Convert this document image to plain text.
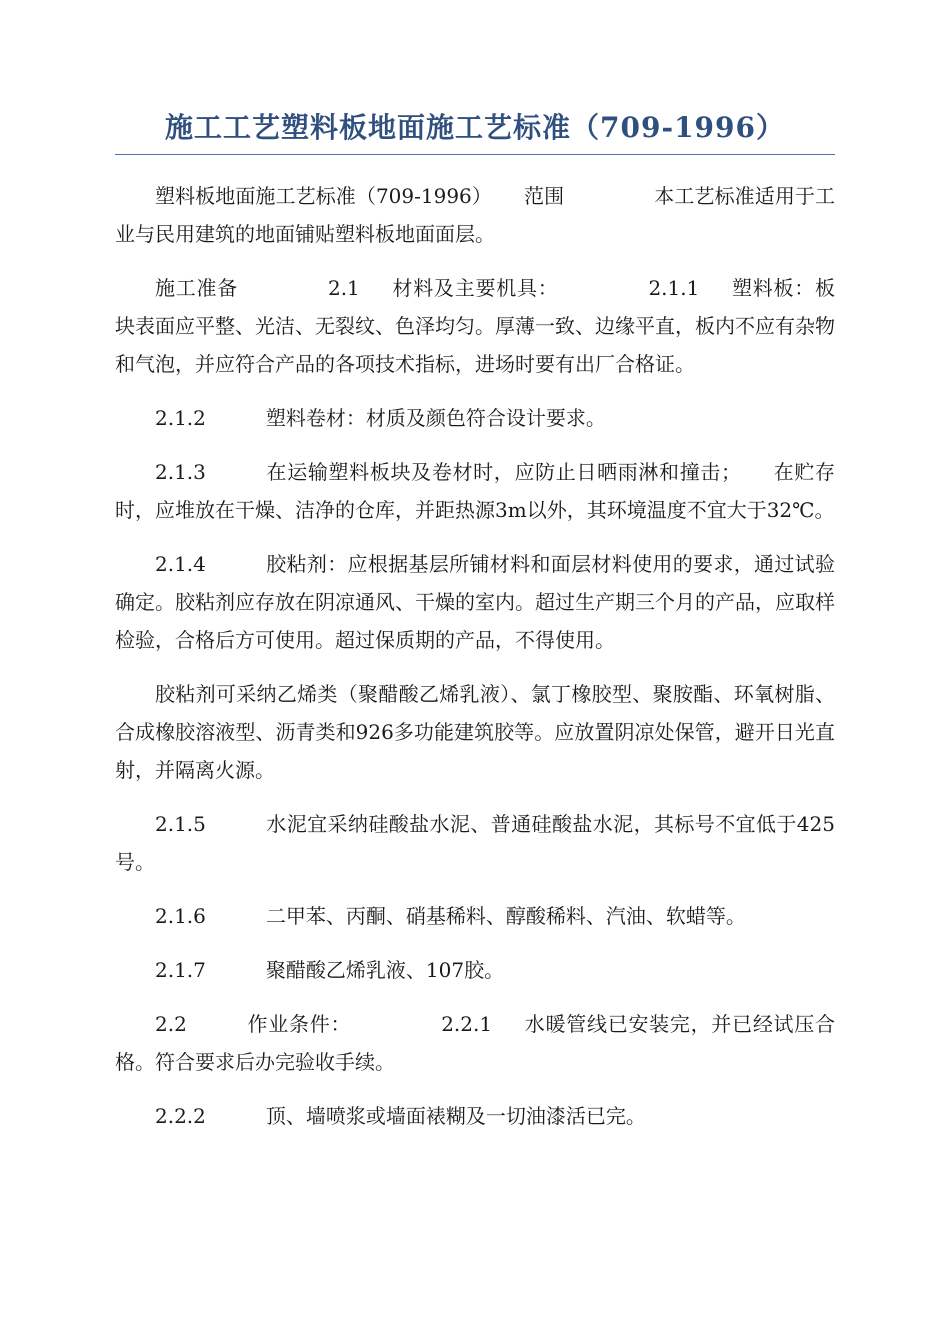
施工工艺塑料板地面施工艺标准（709-1996）

塑料板地面施工艺标准（709-1996） 范围	本工艺标准适用于工业与民用建筑的地面铺贴塑料板地面面层。

施工准备	2.1 材料及主要机具：	2.1.1 塑料板：板块表面应平整、光洁、无裂纹、色泽均匀。厚薄一致、边缘平直，板内不应有杂物和气泡，并应符合产品的各项技术指标，进场时要有出厂合格证。

2.1.2	塑料卷材：材质及颜色符合设计要求。

2.1.3	在运输塑料板块及卷材时，应防止日晒雨淋和撞击； 在贮存时，应堆放在干燥、洁净的仓库，并距热源3m以外，其环境温度不宜大于32℃。

2.1.4	胶粘剂：应根据基层所铺材料和面层材料使用的要求，通过试验确定。胶粘剂应存放在阴凉通风、干燥的室内。超过生产期三个月的产品，应取样检验，合格后方可使用。超过保质期的产品，不得使用。

胶粘剂可采纳乙烯类（聚醋酸乙烯乳液）、氯丁橡胶型、聚胺酯、环氧树脂、合成橡胶溶液型、沥青类和926多功能建筑胶等。应放置阴凉处保管，避开日光直射，并隔离火源。

2.1.5	水泥宜采纳硅酸盐水泥、普通硅酸盐水泥，其标号不宜低于425号。

2.1.6	二甲苯、丙酮、硝基稀料、醇酸稀料、汽油、软蜡等。

2.1.7	聚醋酸乙烯乳液、107胶。

2.2	作业条件：	2.2.1 水暖管线已安装完，并已经试压合格。符合要求后办完验收手续。

2.2.2	顶、墙喷浆或墙面裱糊及一切油漆活已完。
